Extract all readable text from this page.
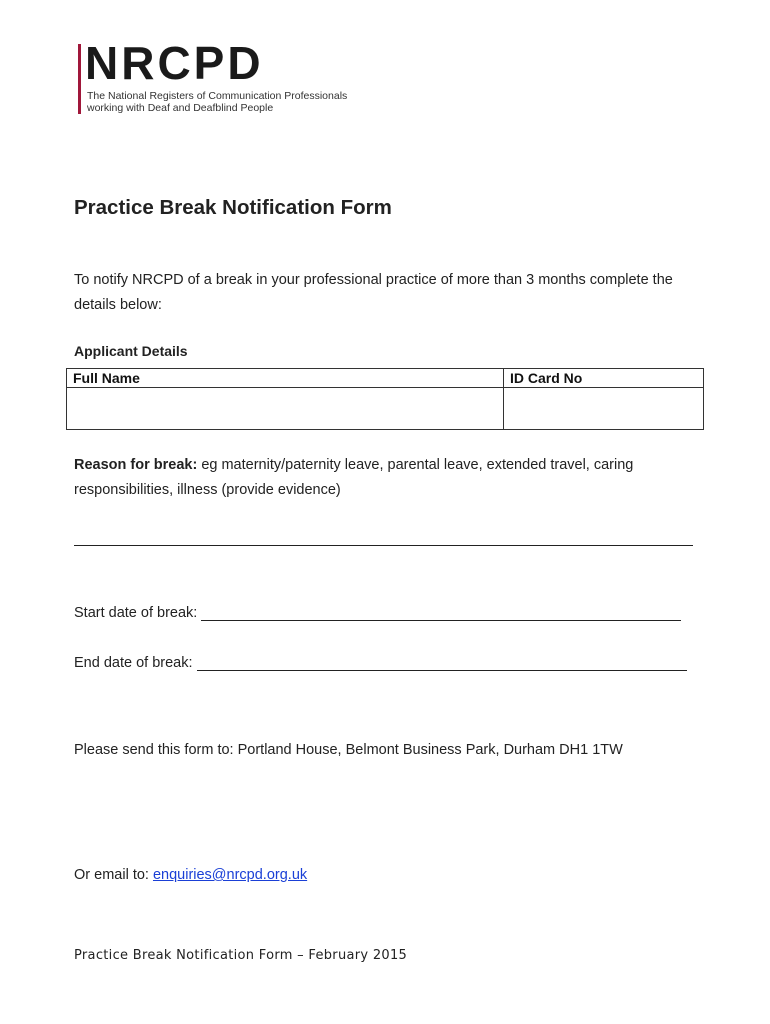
NRCPD
The National Registers of Communication Professionals
working with Deaf and Deafblind People
Practice Break Notification Form
To notify NRCPD of a break in your professional practice of more than 3 months complete the details below:
Applicant Details
Full Name	ID Card No

Reason for break: eg maternity/paternity leave, parental leave, extended travel, caring responsibilities, illness (provide evidence)
Start date of break:
End date of break:
Please send this form to: Portland House, Belmont Business Park, Durham DH1 1TW
Or email to: enquiries@nrcpd.org.uk
Practice Break Notification Form – February 2015
